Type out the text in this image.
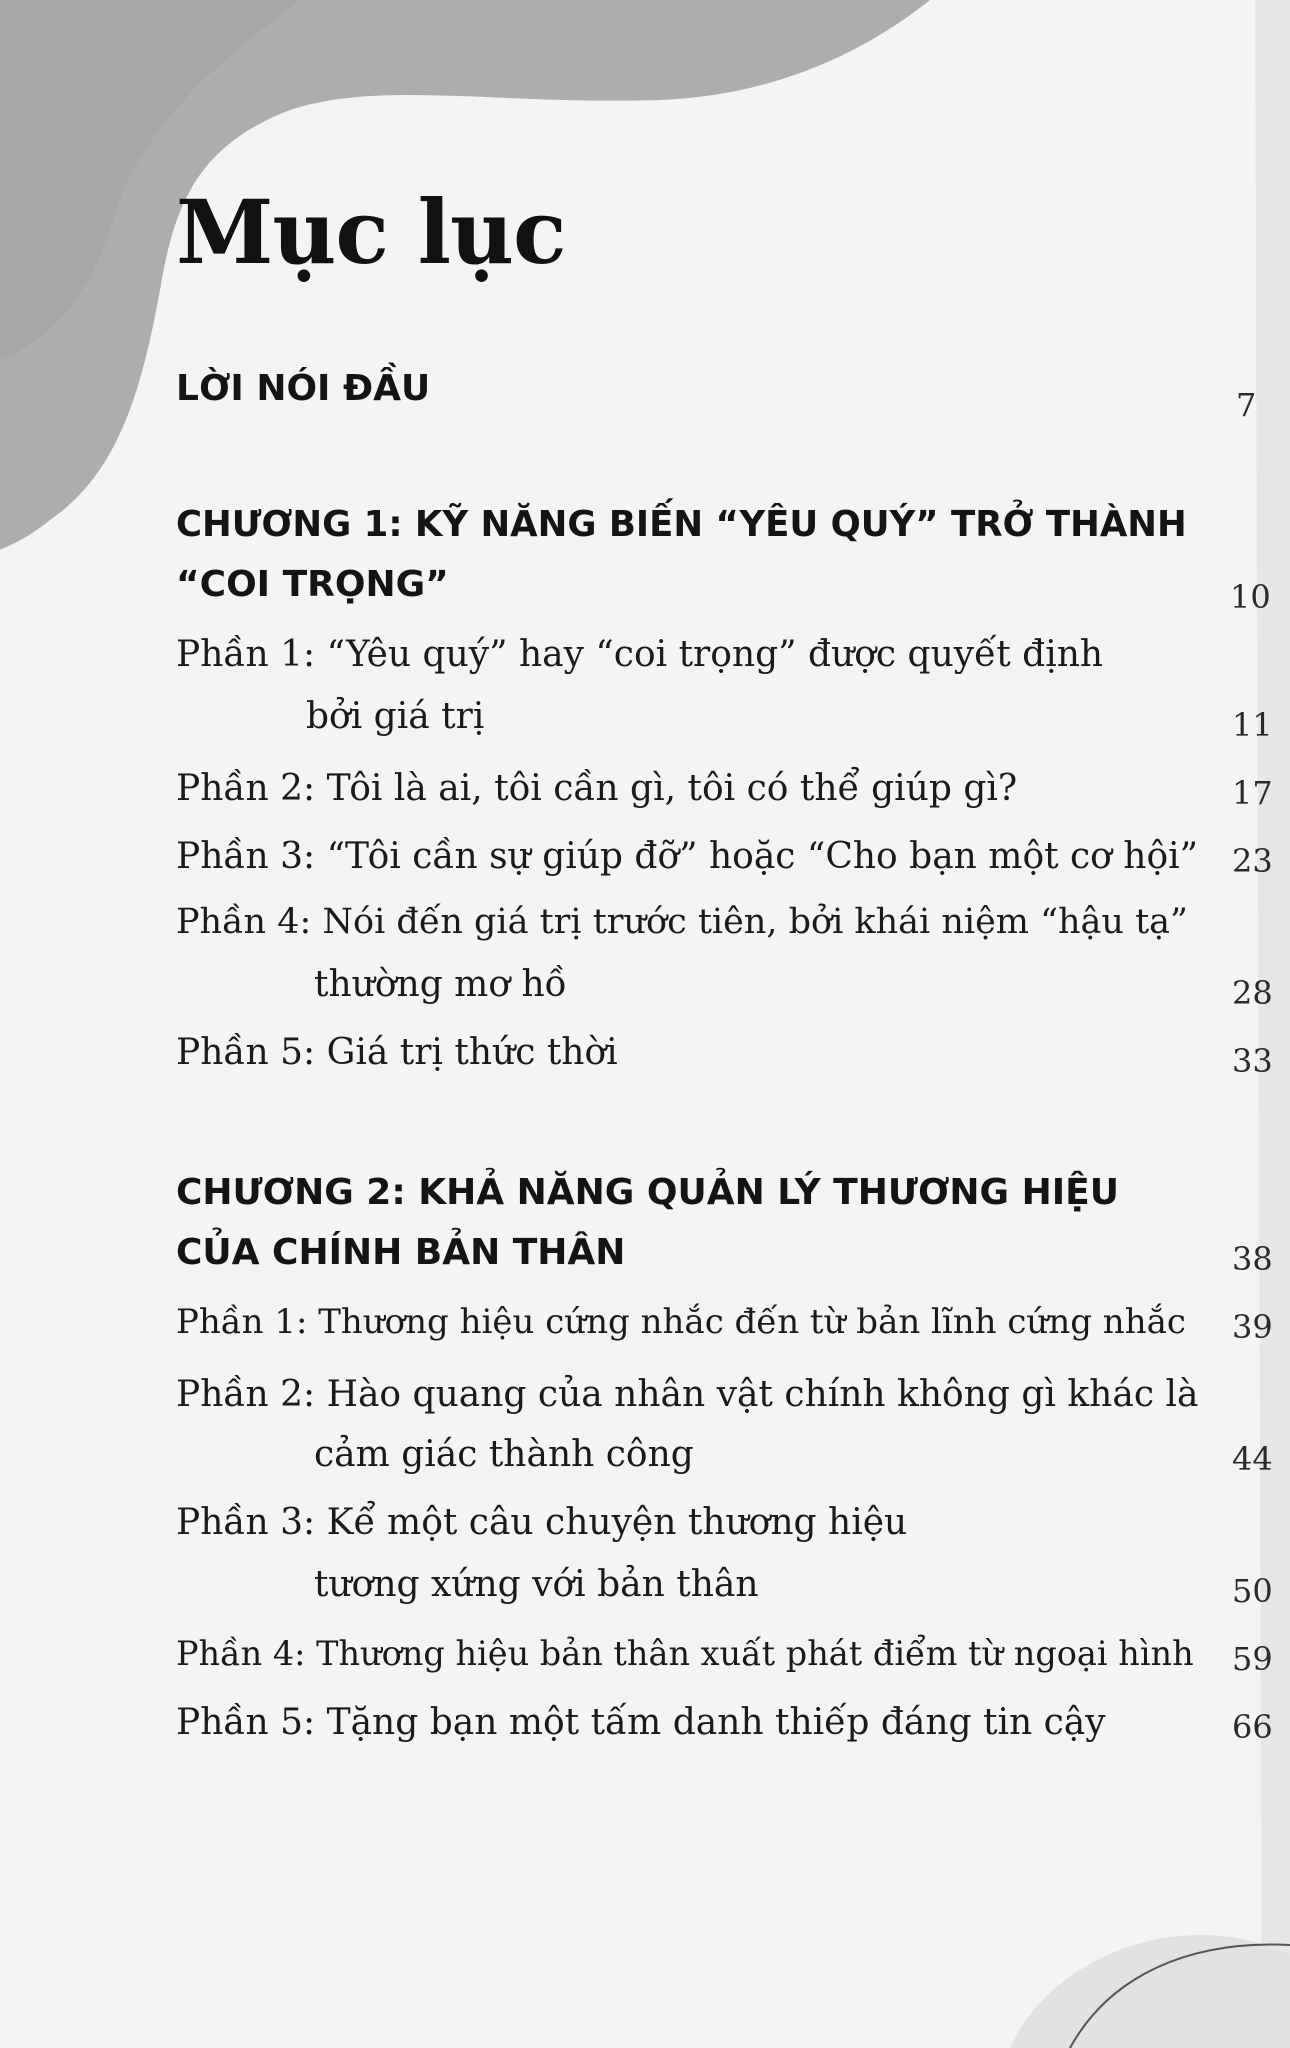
Mục lục
LỜI NÓI ĐẦU	7
CHƯƠNG 1: KỸ NĂNG BIẾN “YÊU QUÝ” TRỞ THÀNH
“COI TRỌNG”	10
Phần 1: “Yêu quý” hay “coi trọng” được quyết định
bởi giá trị	11
Phần 2: Tôi là ai, tôi cần gì, tôi có thể giúp gì?	17
Phần 3: “Tôi cần sự giúp đỡ” hoặc “Cho bạn một cơ hội” 23
Phần 4: Nói đến giá trị trước tiên, bởi khái niệm “hậu tạ”
thường mơ hồ	28
Phần 5: Giá trị thức thời	33
CHƯƠNG 2: KHẢ NĂNG QUẢN LÝ THƯƠNG HIỆU
CỦA CHÍNH BẢN THÂN	38
Phần 1: Thương hiệu cứng nhắc đến từ bản lĩnh cứng nhắc 39
Phần 2: Hào quang của nhân vật chính không gì khác là
cảm giác thành công	44
Phần 3: Kể một câu chuyện thương hiệu
tương xứng với bản thân	50
Phần 4: Thương hiệu bản thân xuất phát điểm từ ngoại hình 59
Phần 5: Tặng bạn một tấm danh thiếp đáng tin cậy	66
